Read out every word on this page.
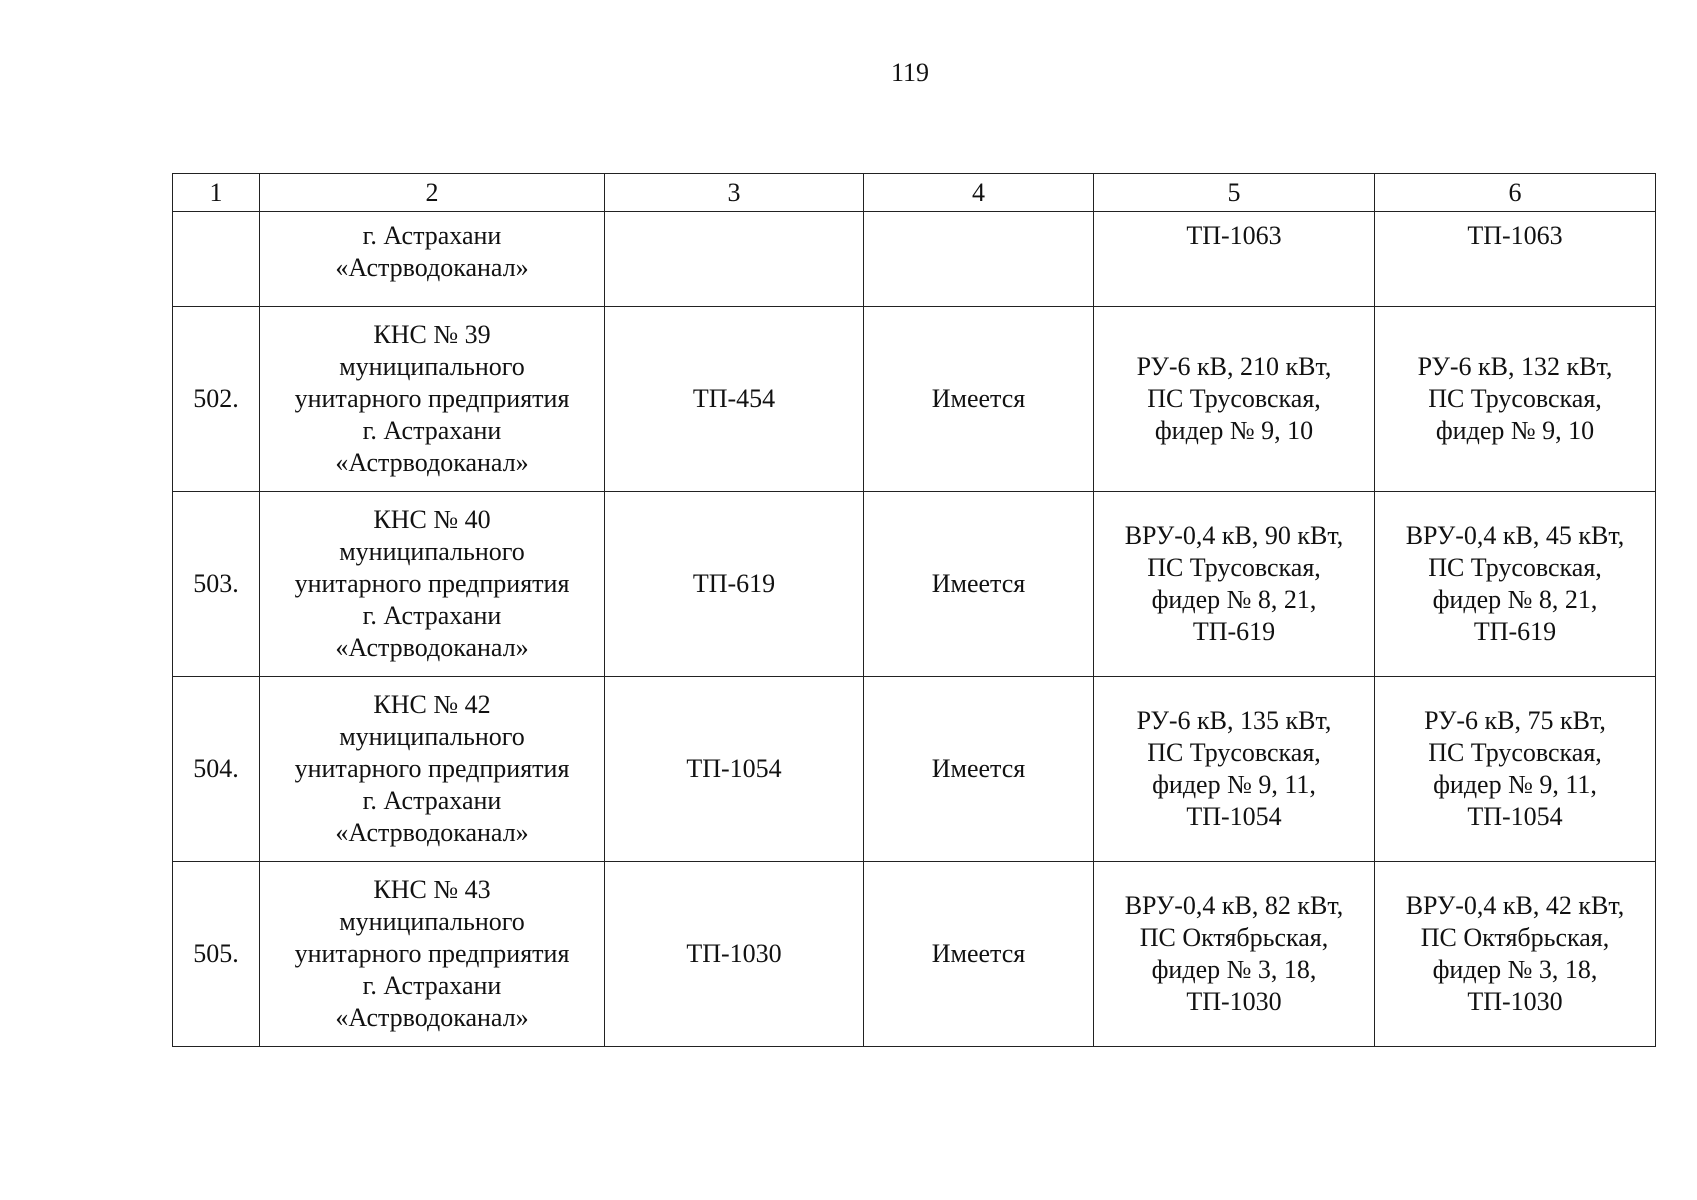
119
1	2	3	4	5	6

	г. Астрахани
«Астрводоканал»			ТП-1063	ТП-1063

502.	КНС № 39
муниципального
унитарного предприятия
г. Астрахани
«Астрводоканал»	ТП-454	Имеется	РУ-6 кВ, 210 кВт,
ПС Трусовская,
фидер № 9, 10	РУ-6 кВ, 132 кВт,
ПС Трусовская,
фидер № 9, 10

503.	КНС № 40
муниципального
унитарного предприятия
г. Астрахани
«Астрводоканал»	ТП-619	Имеется	ВРУ-0,4 кВ, 90 кВт,
ПС Трусовская,
фидер № 8, 21,
ТП-619	ВРУ-0,4 кВ, 45 кВт,
ПС Трусовская,
фидер № 8, 21,
ТП-619

504.	КНС № 42
муниципального
унитарного предприятия
г. Астрахани
«Астрводоканал»	ТП-1054	Имеется	РУ-6 кВ, 135 кВт,
ПС Трусовская,
фидер № 9, 11,
ТП-1054	РУ-6 кВ, 75 кВт,
ПС Трусовская,
фидер № 9, 11,
ТП-1054

505.	КНС № 43
муниципального
унитарного предприятия
г. Астрахани
«Астрводоканал»	ТП-1030	Имеется	ВРУ-0,4 кВ, 82 кВт,
ПС Октябрьская,
фидер № 3, 18,
ТП-1030	ВРУ-0,4 кВ, 42 кВт,
ПС Октябрьская,
фидер № 3, 18,
ТП-1030
